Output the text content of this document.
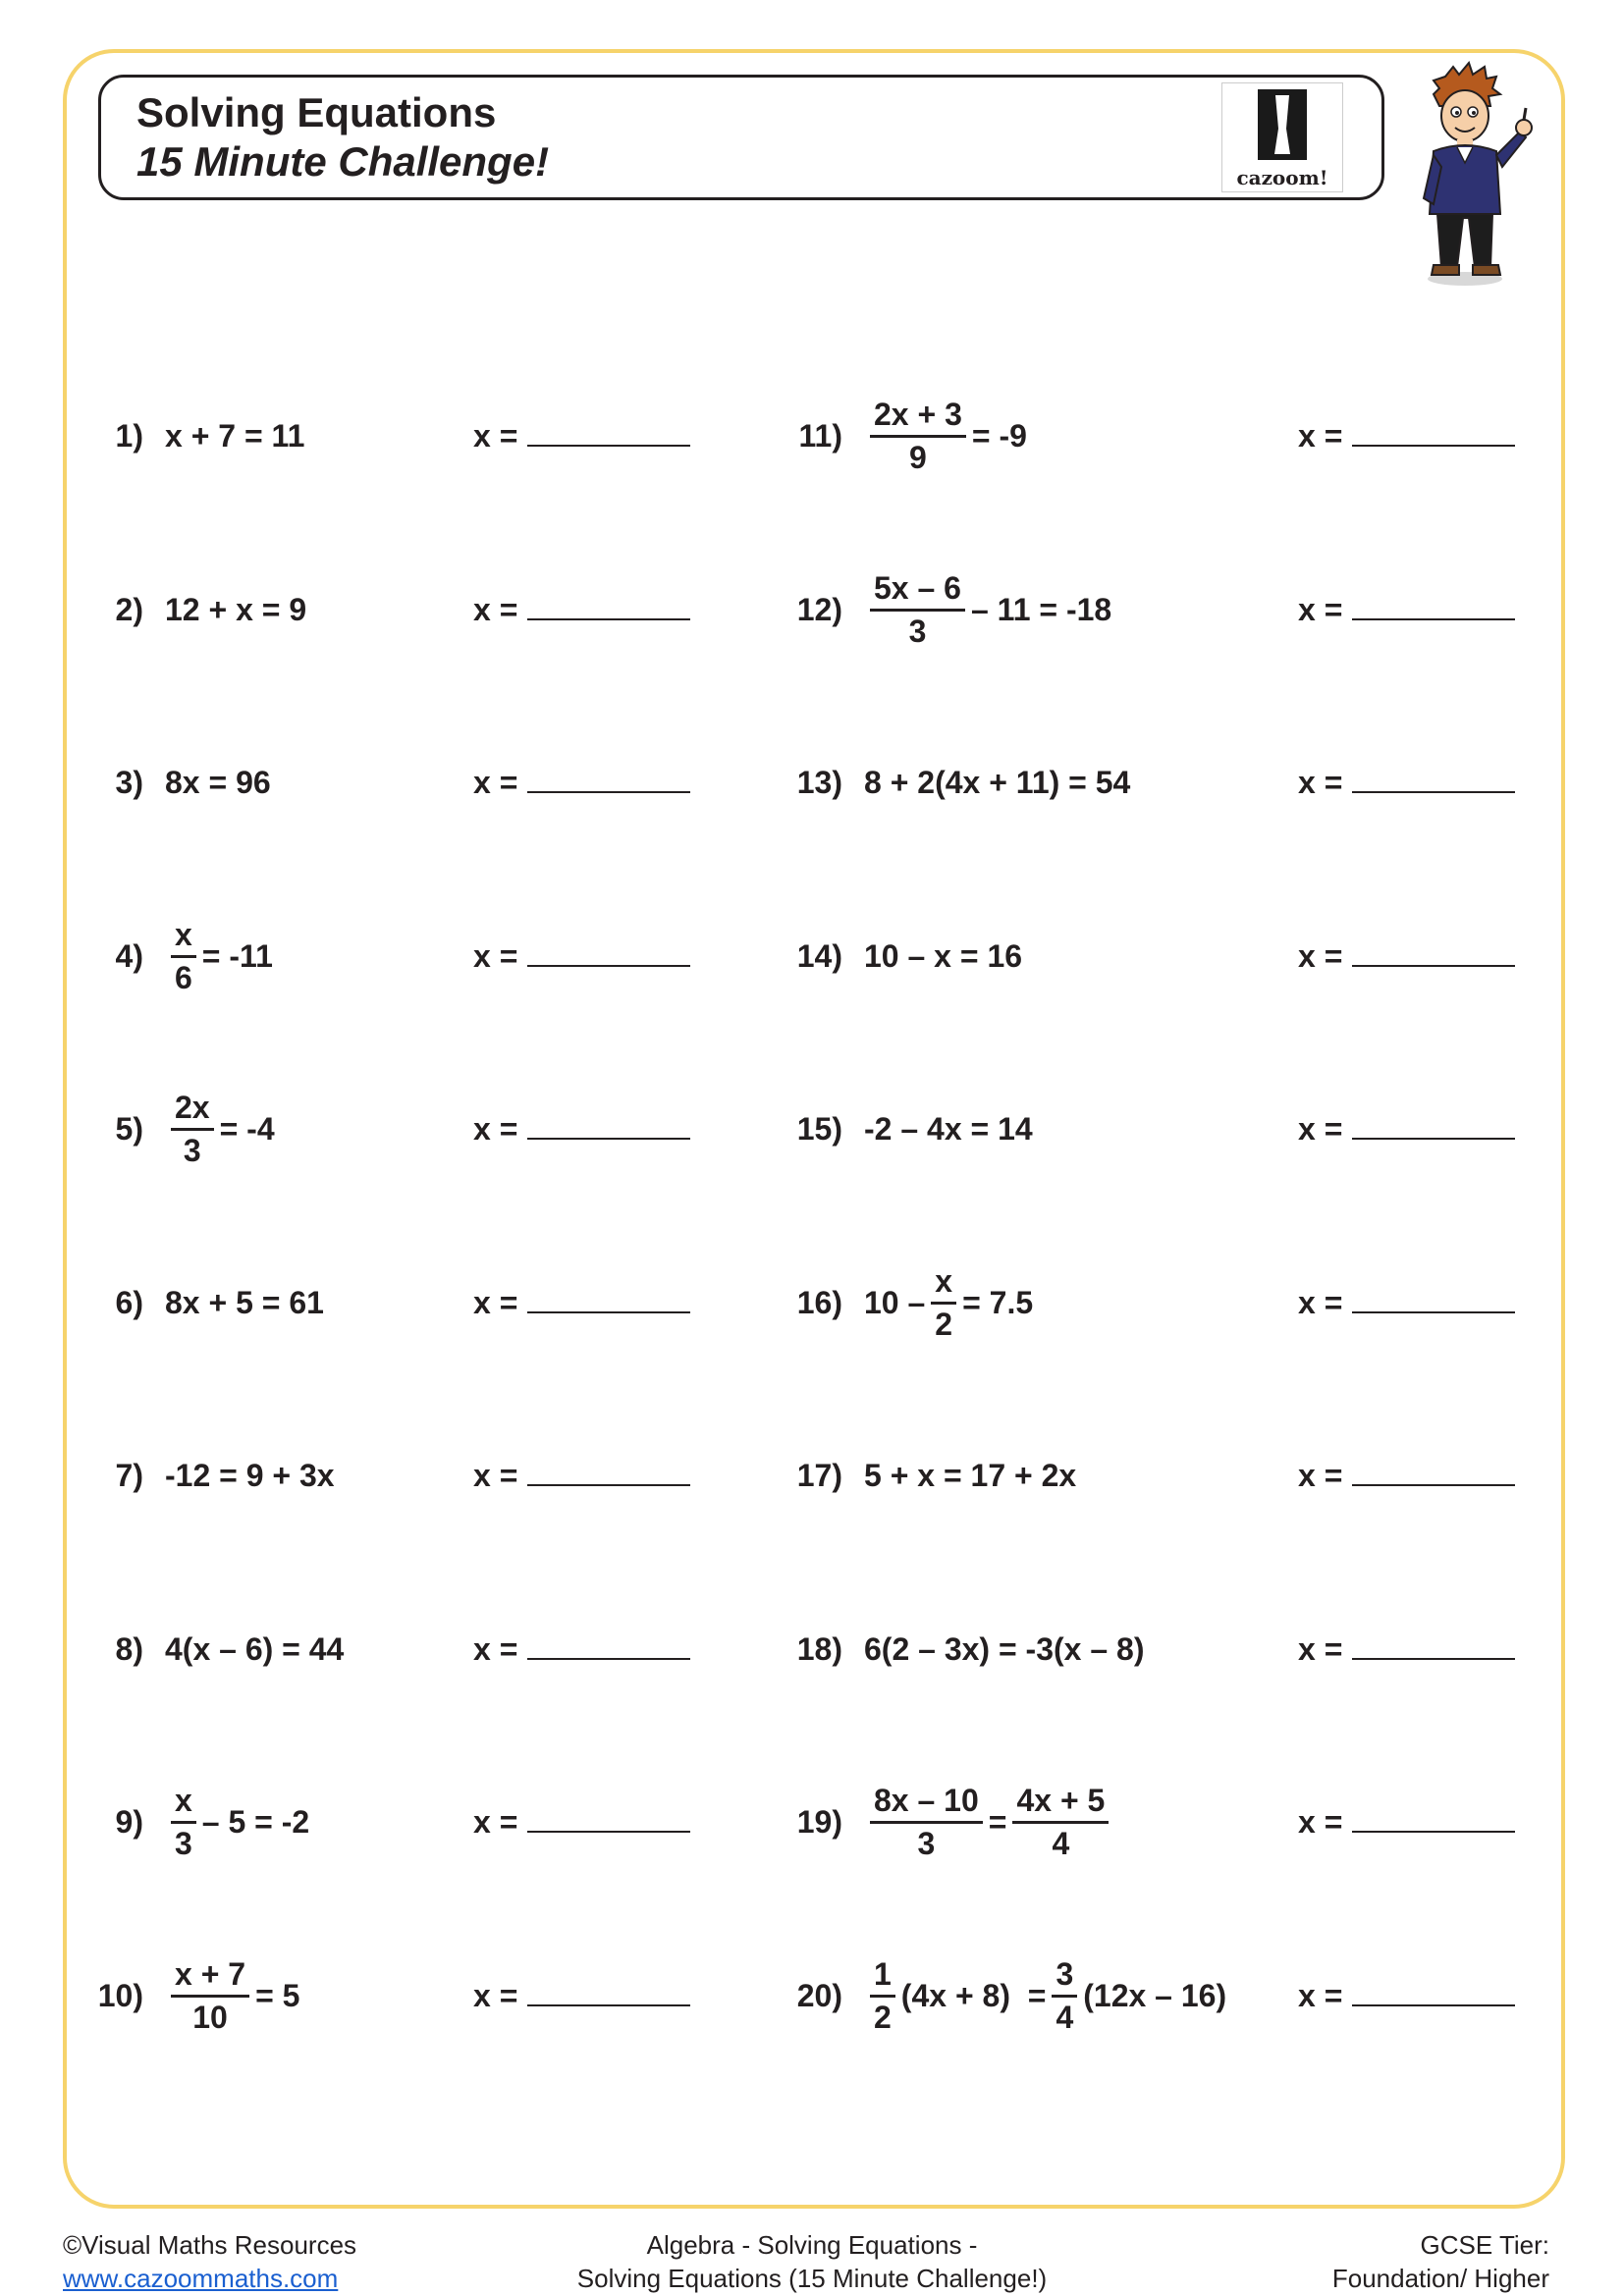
Solving Equations
15 Minute Challenge!	cazoom!
1) x + 7 = 11	x =
2) 12 + x = 9	x =
3) 8x = 96	x =
$4) \frac{x}{6} = -11$	x =
$5) \frac{2x}{3} = -4$	x =
6) 8x + 5 = 61	x =
7) -12 = 9 + 3x	x =
8) 4(x – 6) = 44	x =
$9) \frac{x}{3} - 5 = -2$	x =
$10) \frac{x + 7}{10} = 5$	x =
$11) \frac{2x + 3}{9} = -9$	x =
$12) \frac{5x - 6}{3} - 11 = -18$	x =
13) 8 + 2(4x + 11) = 54	x =
14) 10 – x = 16	x =
15) -2 – 4x = 14	x =
16) $10 - \frac{x}{2} = 7.5$	x =
17) 5 + x = 17 + 2x	x =
18) 6(2 – 3x) = -3(x – 8)	x =
$19) \frac{8x - 10}{3} = \frac{4x + 5}{4}$	x =
$20) \frac{1}{2} (4x + 8) = \frac{3}{4} (12x - 16) x$ =
©Visual Maths Resources
www.cazoommaths.com
Algebra - Solving Equations -
Solving Equations (15 Minute Challenge!)
GCSE Tier:
Foundation/ Higher
